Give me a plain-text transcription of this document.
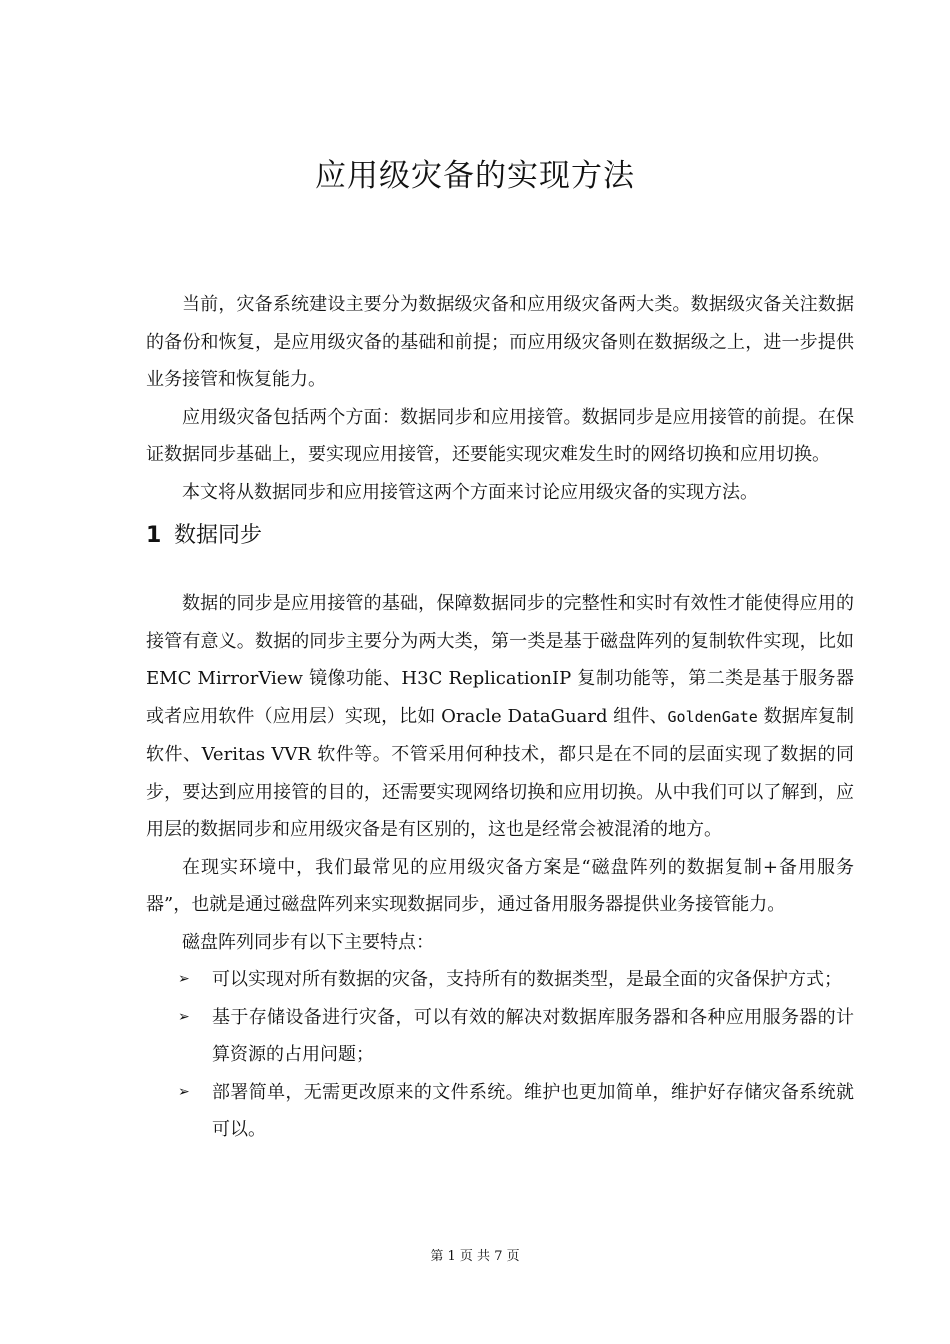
应用级灾备的实现方法

当前，灾备系统建设主要分为数据级灾备和应用级灾备两大类。数据级灾备关注数据的备份和恢复，是应用级灾备的基础和前提；而应用级灾备则在数据级之上，进一步提供业务接管和恢复能力。

应用级灾备包括两个方面：数据同步和应用接管。数据同步是应用接管的前提。在保证数据同步基础上，要实现应用接管，还要能实现灾难发生时的网络切换和应用切换。

本文将从数据同步和应用接管这两个方面来讨论应用级灾备的实现方法。

1 数据同步

数据的同步是应用接管的基础，保障数据同步的完整性和实时有效性才能使得应用的接管有意义。数据的同步主要分为两大类，第一类是基于磁盘阵列的复制软件实现，比如 EMC MirrorView 镜像功能、H3C ReplicationIP 复制功能等，第二类是基于服务器或者应用软件（应用层）实现，比如 Oracle DataGuard 组件、GoldenGate 数据库复制软件、Veritas VVR 软件等。不管采用何种技术，都只是在不同的层面实现了数据的同步，要达到应用接管的目的，还需要实现网络切换和应用切换。从中我们可以了解到，应用层的数据同步和应用级灾备是有区别的，这也是经常会被混淆的地方。

在现实环境中，我们最常见的应用级灾备方案是“磁盘阵列的数据复制+备用服务器”，也就是通过磁盘阵列来实现数据同步，通过备用服务器提供业务接管能力。

磁盘阵列同步有以下主要特点：

➢ 可以实现对所有数据的灾备，支持所有的数据类型，是最全面的灾备保护方式；
➢ 基于存储设备进行灾备，可以有效的解决对数据库服务器和各种应用服务器的计算资源的占用问题；
➢ 部署简单，无需更改原来的文件系统。维护也更加简单，维护好存储灾备系统就可以。
第 1 页 共 7 页
